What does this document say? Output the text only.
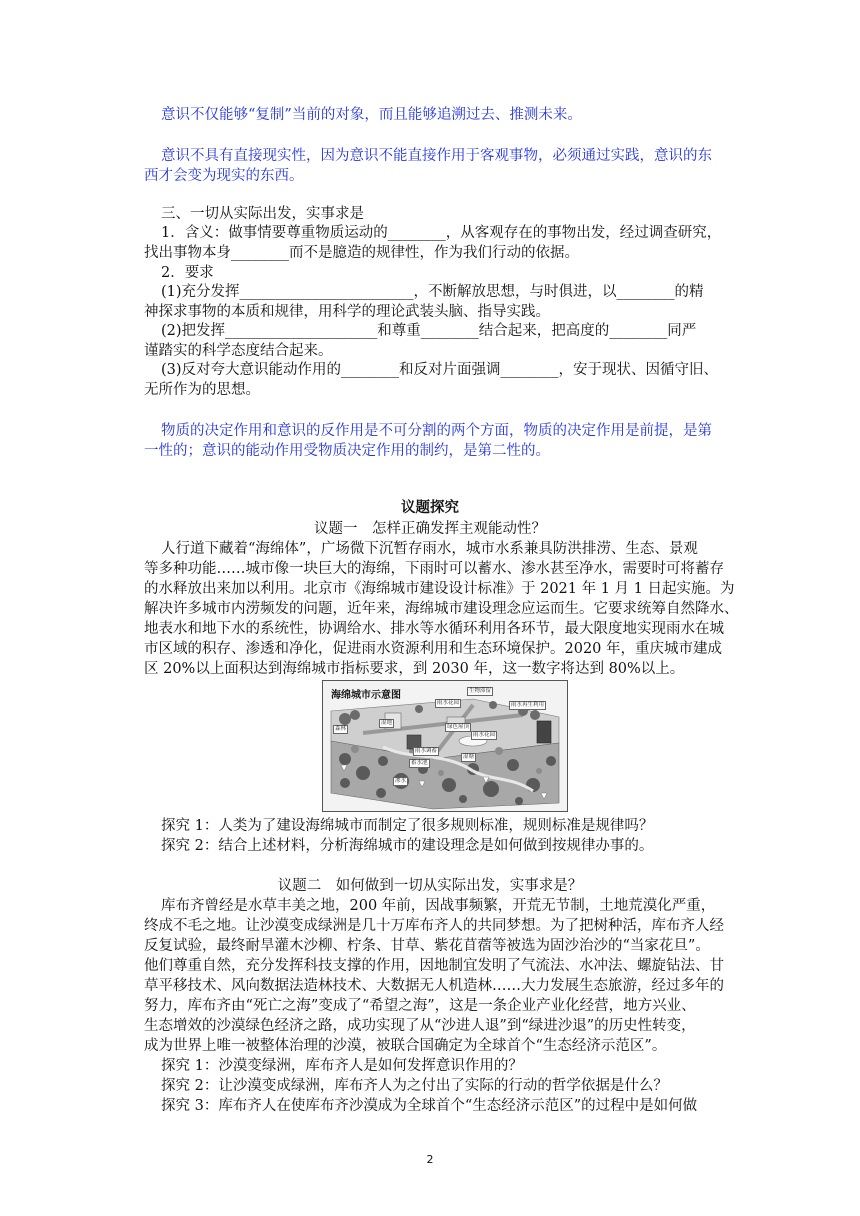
意识不仅能够“复制”当前的对象，而且能够追溯过去、推测未来。
意识不具有直接现实性，因为意识不能直接作用于客观事物，必须通过实践，意识的东
西才会变为现实的东西。
三、一切从实际出发，实事求是
1．含义：做事情要尊重物质运动的________，从客观存在的事物出发，经过调查研究，
找出事物本身________而不是臆造的规律性，作为我们行动的依据。
2．要求
(1)充分发挥________________________，不断解放思想，与时俱进，以________的精
神探求事物的本质和规律，用科学的理论武装头脑、指导实践。
(2)把发挥_____________________和尊重________结合起来，把高度的________同严
谨踏实的科学态度结合起来。
(3)反对夸大意识能动作用的________和反对片面强调________，安于现状、因循守旧、
无所作为的思想。
物质的决定作用和意识的反作用是不可分割的两个方面，物质的决定作用是前提，是第
一性的；意识的能动作用受物质决定作用的制约，是第二性的。
议题探究
议题一　怎样正确发挥主观能动性？
人行道下藏着“海绵体”，广场微下沉暂存雨水，城市水系兼具防洪排涝、生态、景观
等多种功能……城市像一块巨大的海绵，下雨时可以蓄水、渗水甚至净水，需要时可将蓄存
的水释放出来加以利用。北京市《海绵城市建设设计标准》于 2021 年 1 月 1 日起实施。为
解决许多城市内涝频发的问题，近年来，海绵城市建设理念应运而生。它要求统筹自然降水、
地表水和地下水的系统性，协调给水、排水等水循环利用各环节，最大限度地实现雨水在城
市区域的积存、渗透和净化，促进雨水资源利用和生态环境保护。2020 年，重庆城市建成
区 20%以上面积达到海绵城市指标要求，到 2030 年，这一数字将达到 80%以上。
海绵城市示意图	生物滞留
雨水花园	雨水再生利用
湿地
森林	绿色屋顶
雨水花园
雨水调蓄
蓄水池
湿塘
渗水
探究 1：人类为了建设海绵城市而制定了很多规则标准，规则标准是规律吗？
探究 2：结合上述材料，分析海绵城市的建设理念是如何做到按规律办事的。
议题二　如何做到一切从实际出发，实事求是？
库布齐曾经是水草丰美之地，200 年前，因战事频繁，开荒无节制，土地荒漠化严重，
终成不毛之地。让沙漠变成绿洲是几十万库布齐人的共同梦想。为了把树种活，库布齐人经
反复试验，最终耐旱灌木沙柳、柠条、甘草、紫花苜蓿等被选为固沙治沙的“当家花旦”。
他们尊重自然，充分发挥科技支撑的作用，因地制宜发明了气流法、水冲法、螺旋钻法、甘
草平移技术、风向数据法造林技术、大数据无人机造林……大力发展生态旅游，经过多年的
努力，库布齐由“死亡之海”变成了“希望之海”，这是一条企业产业化经营，地方兴业、
生态增效的沙漠绿色经济之路，成功实现了从“沙进人退”到“绿进沙退”的历史性转变，
成为世界上唯一被整体治理的沙漠，被联合国确定为全球首个“生态经济示范区”。
探究 1：沙漠变绿洲，库布齐人是如何发挥意识作用的？
探究 2：让沙漠变成绿洲，库布齐人为之付出了实际的行动的哲学依据是什么？
探究 3：库布齐人在使库布齐沙漠成为全球首个“生态经济示范区”的过程中是如何做
2
